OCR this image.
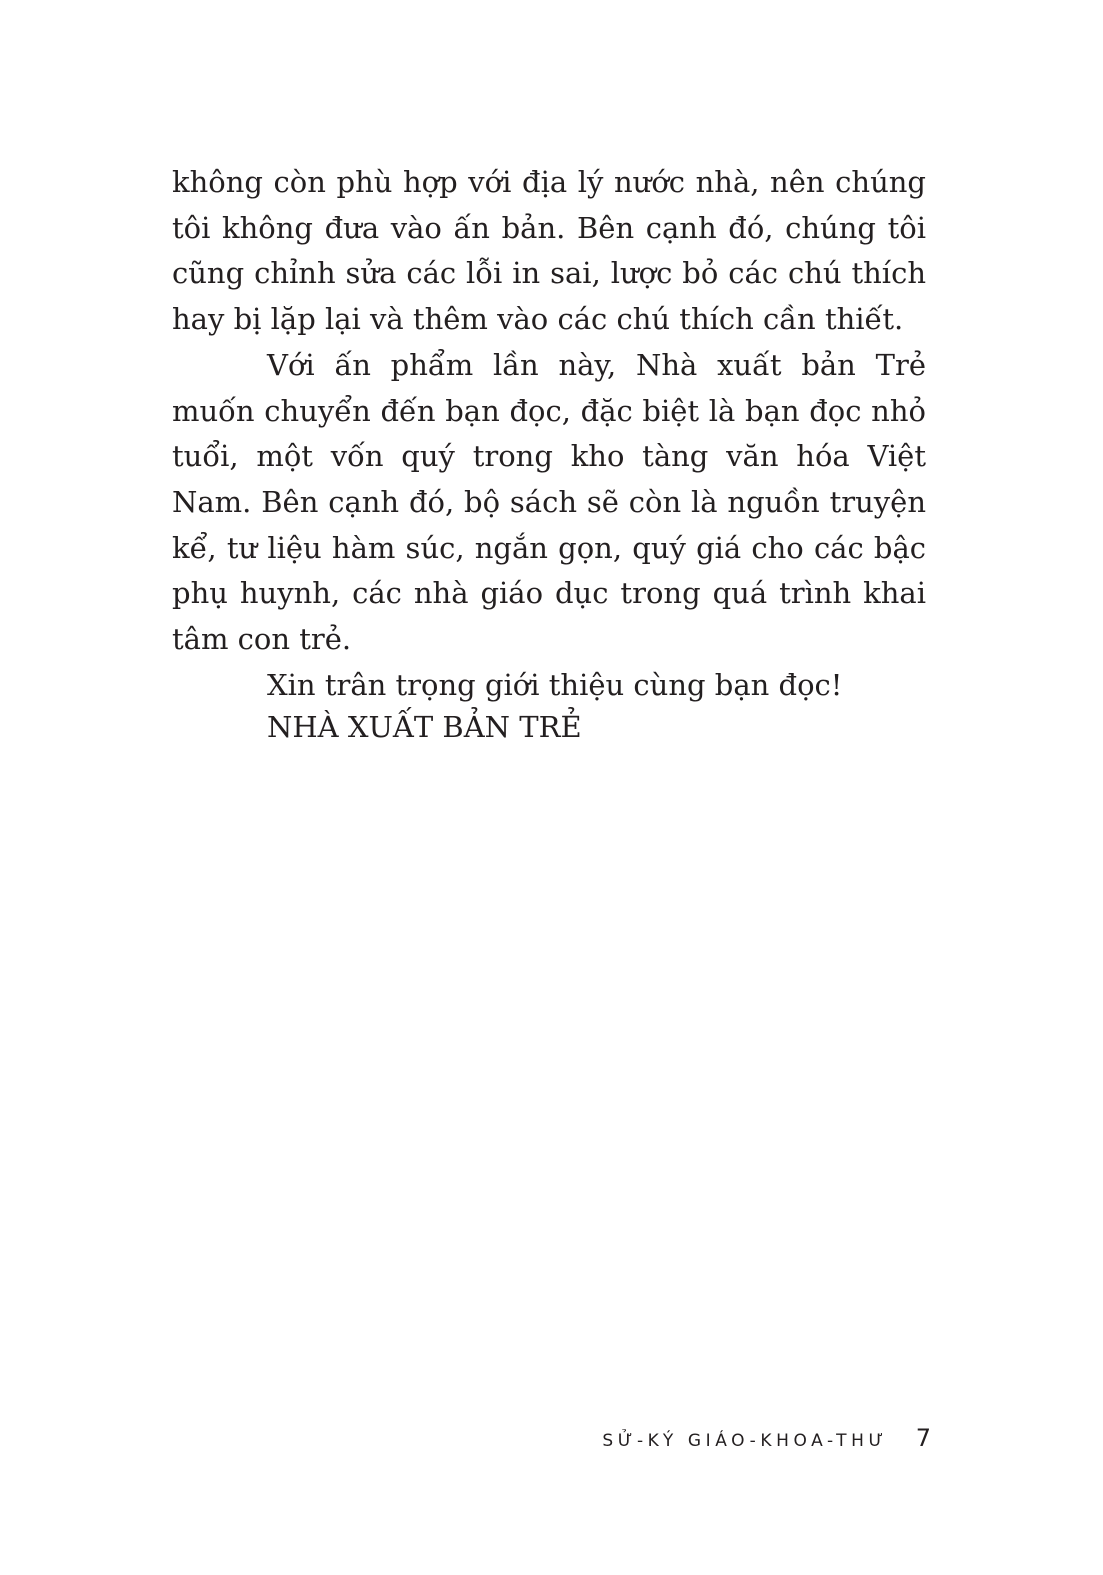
không còn phù hợp với địa lý nước nhà, nên chúng tôi không đưa vào ấn bản. Bên cạnh đó, chúng tôi cũng chỉnh sửa các lỗi in sai, lược bỏ các chú thích hay bị lặp lại và thêm vào các chú thích cần thiết.

Với ấn phẩm lần này, Nhà xuất bản Trẻ muốn chuyển đến bạn đọc, đặc biệt là bạn đọc nhỏ tuổi, một vốn quý trong kho tàng văn hóa Việt Nam. Bên cạnh đó, bộ sách sẽ còn là nguồn truyện kể, tư liệu hàm súc, ngắn gọn, quý giá cho các bậc phụ huynh, các nhà giáo dục trong quá trình khai tâm con trẻ.

Xin trân trọng giới thiệu cùng bạn đọc!

NHÀ XUẤT BẢN TRẺ
SỬ-KÝ GIÁO-KHOA-THƯ 7
